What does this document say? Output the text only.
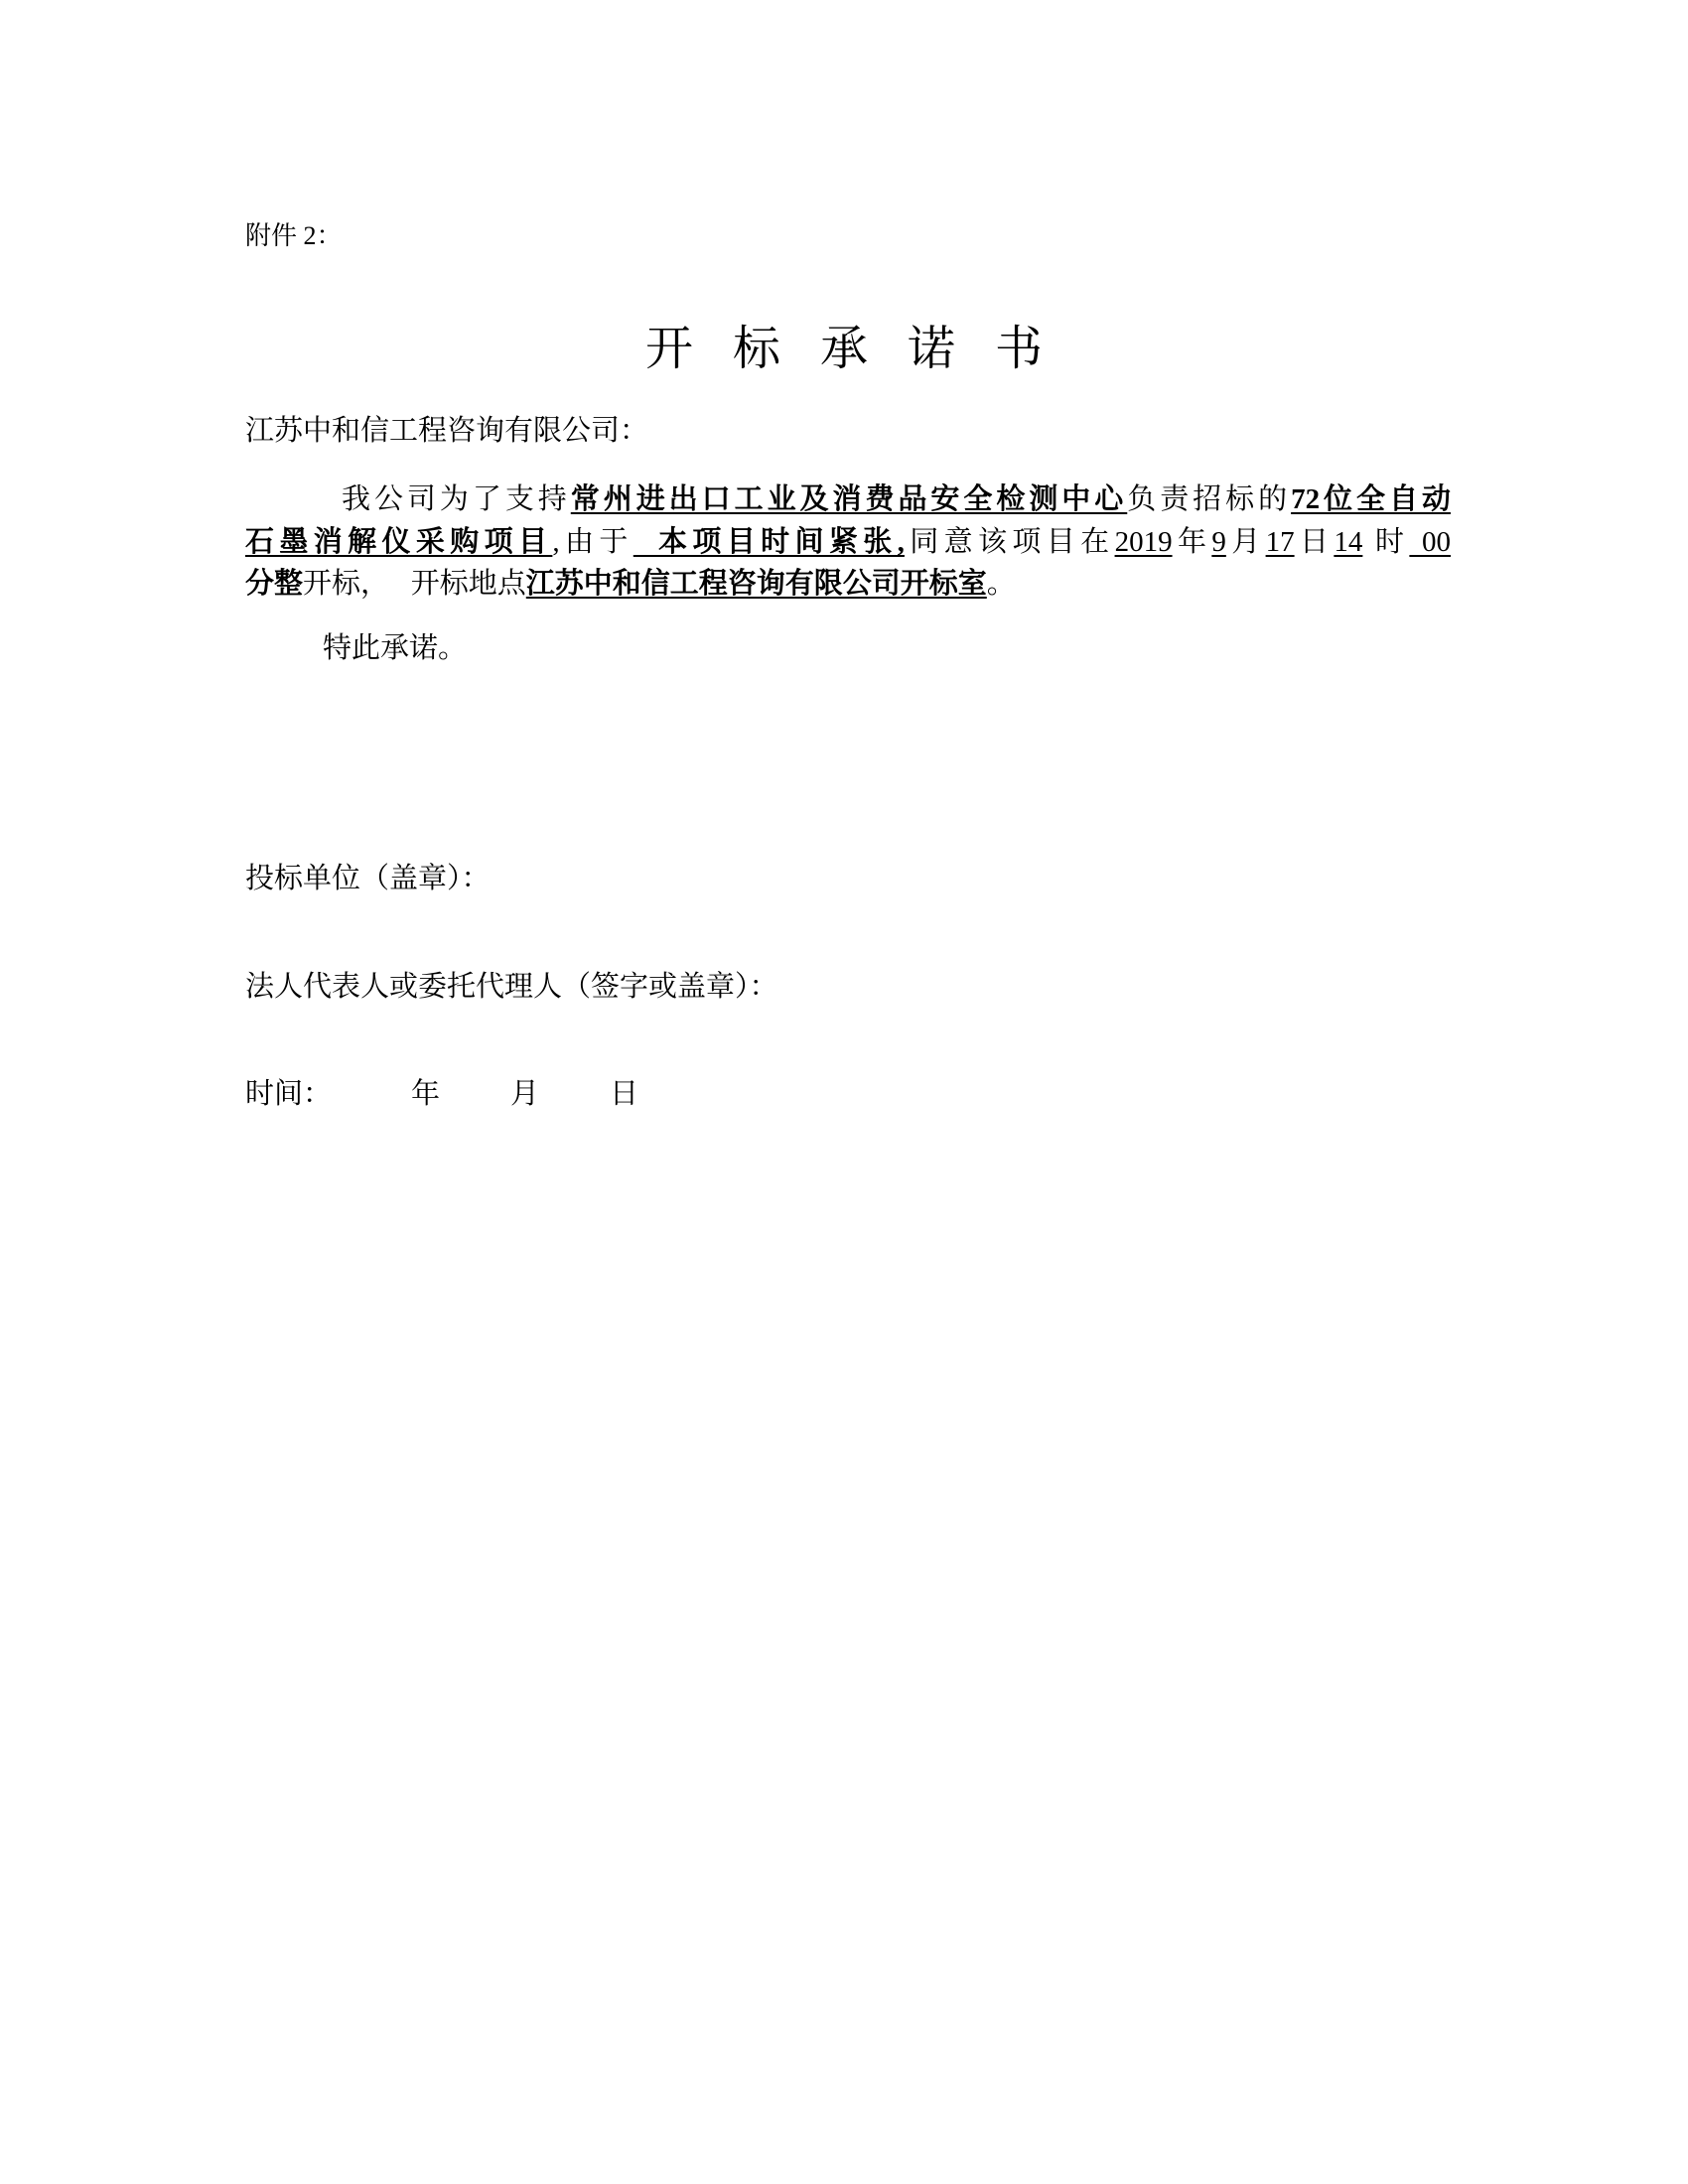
附件 2：
开标承诺书
江苏中和信工程咨询有限公司：
我公司为了支持常州进出口工业及消费品安全检测中心负责招标的72位全自动
石墨消解仪采购项目,由于  本项目时间紧张,同意该项目在2019年9月17日14 时 00
分整开标，   开标地点江苏中和信工程咨询有限公司开标室。
特此承诺。
投标单位（盖章）：
法人代表人或委托代理人（签字或盖章）：
时间：	年 月 日
